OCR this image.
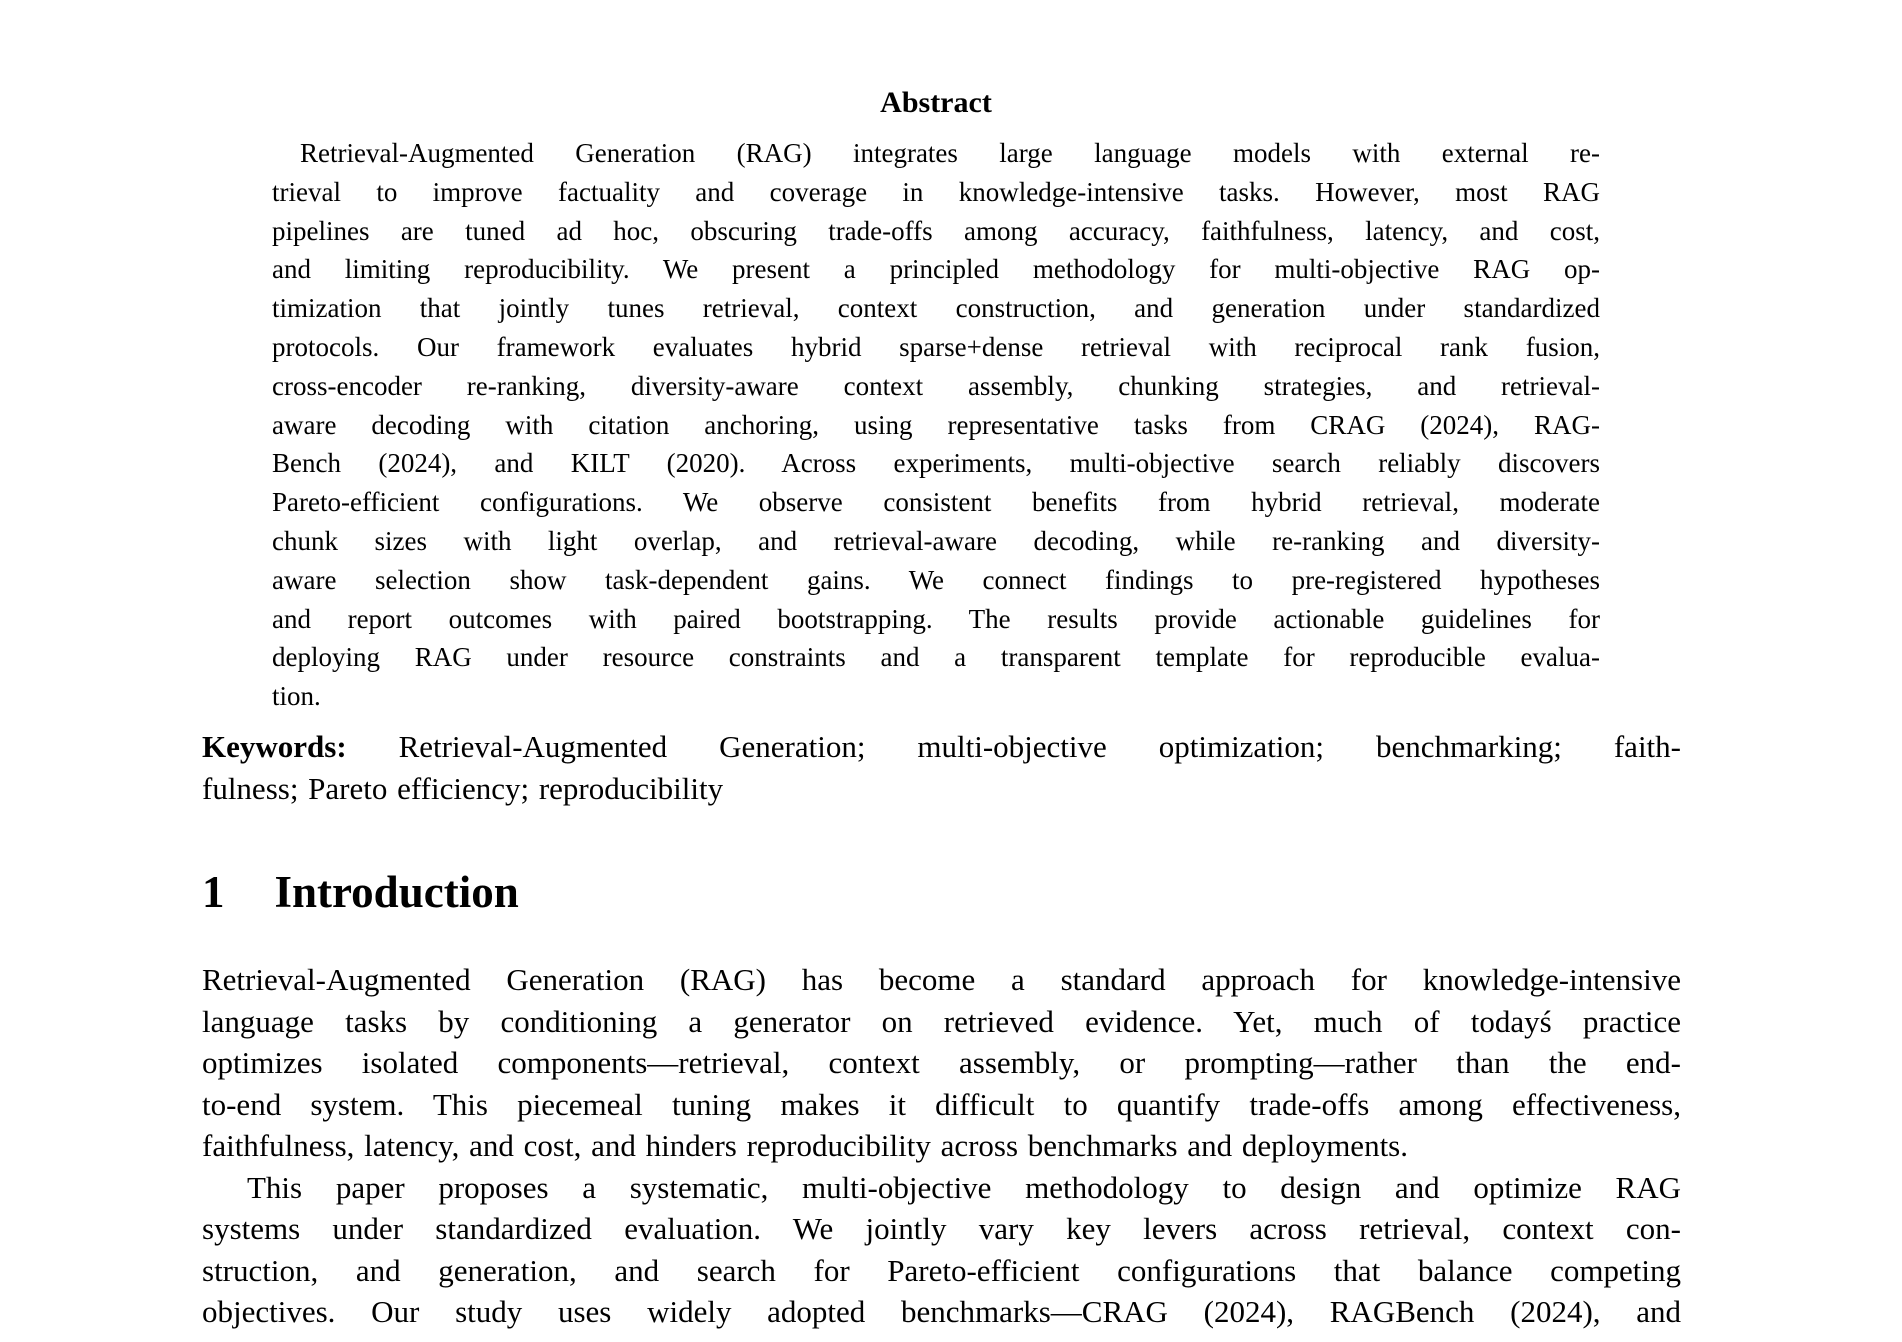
Abstract
Retrieval-Augmented Generation (RAG) integrates large language models with external re-
trieval to improve factuality and coverage in knowledge-intensive tasks. However, most RAG
pipelines are tuned ad hoc, obscuring trade-offs among accuracy, faithfulness, latency, and cost,
and limiting reproducibility. We present a principled methodology for multi-objective RAG op-
timization that jointly tunes retrieval, context construction, and generation under standardized
protocols. Our framework evaluates hybrid sparse+dense retrieval with reciprocal rank fusion,
cross-encoder re-ranking, diversity-aware context assembly, chunking strategies, and retrieval-
aware decoding with citation anchoring, using representative tasks from CRAG (2024), RAG-
Bench (2024), and KILT (2020). Across experiments, multi-objective search reliably discovers
Pareto-efficient configurations. We observe consistent benefits from hybrid retrieval, moderate
chunk sizes with light overlap, and retrieval-aware decoding, while re-ranking and diversity-
aware selection show task-dependent gains. We connect findings to pre-registered hypotheses
and report outcomes with paired bootstrapping. The results provide actionable guidelines for
deploying RAG under resource constraints and a transparent template for reproducible evalua-
tion.
Keywords: Retrieval-Augmented Generation; multi-objective optimization; benchmarking; faith-
fulness; Pareto efficiency; reproducibility
1 Introduction
Retrieval-Augmented Generation (RAG) has become a standard approach for knowledge-intensive
language tasks by conditioning a generator on retrieved evidence. Yet, much of todayś practice
optimizes isolated components—retrieval, context assembly, or prompting—rather than the end-
to-end system. This piecemeal tuning makes it difficult to quantify trade-offs among effectiveness,
faithfulness, latency, and cost, and hinders reproducibility across benchmarks and deployments.
This paper proposes a systematic, multi-objective methodology to design and optimize RAG
systems under standardized evaluation. We jointly vary key levers across retrieval, context con-
struction, and generation, and search for Pareto-efficient configurations that balance competing
objectives. Our study uses widely adopted benchmarks—CRAG (2024), RAGBench (2024), and
